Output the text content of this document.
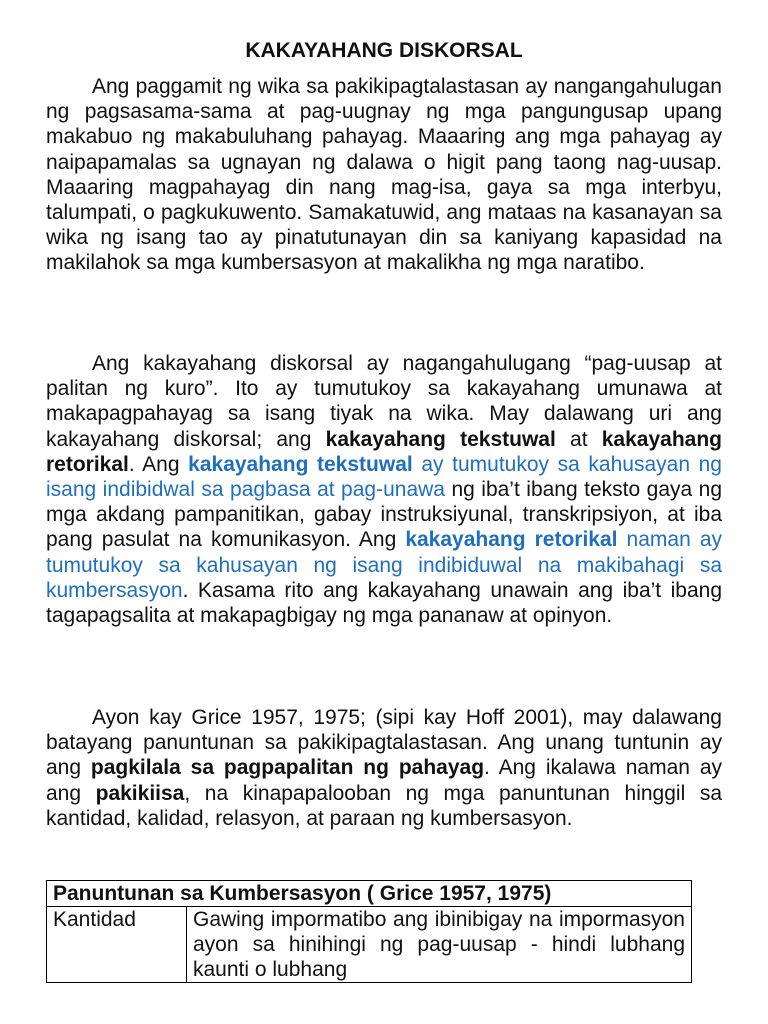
KAKAYAHANG DISKORSAL

Ang paggamit ng wika sa pakikipagtalastasan ay nangangahulugan ng pagsasama-sama at pag-uugnay ng mga pangungusap upang makabuo ng makabuluhang pahayag. Maaaring ang mga pahayag ay naipapamalas sa ugnayan ng dalawa o higit pang taong nag-uusap. Maaaring magpahayag din nang mag-isa, gaya sa mga interbyu, talumpati, o pagkukuwento. Samakatuwid, ang mataas na kasanayan sa wika ng isang tao ay pinatutunayan din sa kaniyang kapasidad na makilahok sa mga kumbersasyon at makalikha ng mga naratibo.

Ang kakayahang diskorsal ay nagangahulugang “pag-uusap at palitan ng kuro”. Ito ay tumutukoy sa kakayahang umunawa at makapagpahayag sa isang tiyak na wika. May dalawang uri ang kakayahang diskorsal; ang kakayahang tekstuwal at kakayahang retorikal. Ang kakayahang tekstuwal ay tumutukoy sa kahusayan ng isang indibidwal sa pagbasa at pag-unawa ng iba’t ibang teksto gaya ng mga akdang pampanitikan, gabay instruksiyunal, transkripsiyon, at iba pang pasulat na komunikasyon. Ang kakayahang retorikal naman ay tumutukoy sa kahusayan ng isang indibiduwal na makibahagi sa kumbersasyon. Kasama rito ang kakayahang unawain ang iba’t ibang tagapagsalita at makapagbigay ng mga pananaw at opinyon.

Ayon kay Grice 1957, 1975; (sipi kay Hoff 2001), may dalawang batayang panuntunan sa pakikipagtalastasan. Ang unang tuntunin ay ang pagkilala sa pagpapalitan ng pahayag. Ang ikalawa naman ay ang pakikiisa, na kinapapalooban ng mga panuntunan hinggil sa kantidad, kalidad, relasyon, at paraan ng kumbersasyon.

Panuntunan sa Kumbersasyon ( Grice 1957, 1975)
Kantidad	Gawing impormatibo ang ibinibigay na impormasyon ayon sa hinihingi ng pag-uusap - hindi lubhang kaunti o lubhang
